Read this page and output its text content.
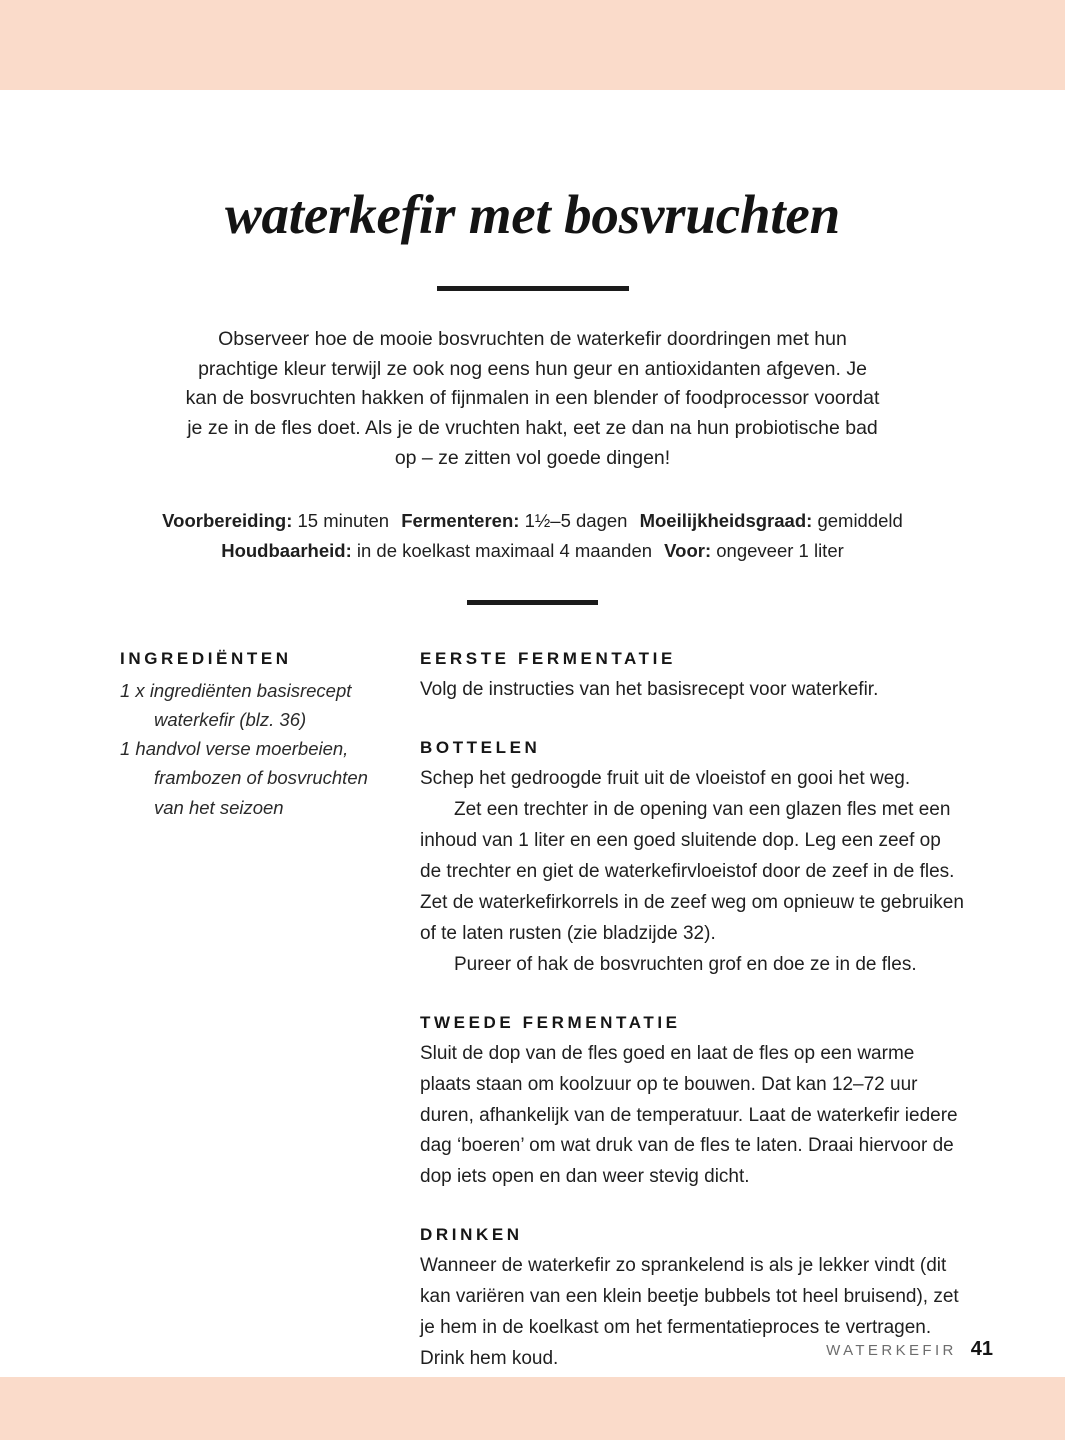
waterkefir met bosvruchten

Observeer hoe de mooie bosvruchten de waterkefir doordringen met hun prachtige kleur terwijl ze ook nog eens hun geur en antioxidanten afgeven. Je kan de bosvruchten hakken of fijnmalen in een blender of foodprocessor voordat je ze in de fles doet. Als je de vruchten hakt, eet ze dan na hun probiotische bad op – ze zitten vol goede dingen!

Voorbereiding: 15 minuten Fermenteren: 1½–5 dagen Moeilijkheidsgraad: gemiddeld
Houdbaarheid: in de koelkast maximaal 4 maanden Voor: ongeveer 1 liter
INGREDIËNTEN
1 x ingrediënten basisrecept waterkefir (blz. 36)
1 handvol verse moerbeien, frambozen of bosvruchten van het seizoen
EERSTE FERMENTATIE

Volg de instructies van het basisrecept voor waterkefir.

BOTTELEN

Schep het gedroogde fruit uit de vloeistof en gooi het weg.

Zet een trechter in de opening van een glazen fles met een inhoud van 1 liter en een goed sluitende dop. Leg een zeef op de trechter en giet de waterkefirvloeistof door de zeef in de fles. Zet de waterkefirkorrels in de zeef weg om opnieuw te gebruiken of te laten rusten (zie bladzijde 32).

Pureer of hak de bosvruchten grof en doe ze in de fles.

TWEEDE FERMENTATIE

Sluit de dop van de fles goed en laat de fles op een warme plaats staan om koolzuur op te bouwen. Dat kan 12–72 uur duren, afhankelijk van de temperatuur. Laat de waterkefir iedere dag ‘boeren’ om wat druk van de fles te laten. Draai hiervoor de dop iets open en dan weer stevig dicht.

DRINKEN

Wanneer de waterkefir zo sprankelend is als je lekker vindt (dit kan variëren van een klein beetje bubbels tot heel bruisend), zet je hem in de koelkast om het fermentatieproces te vertragen. Drink hem koud.	WATERKEFIR 41
